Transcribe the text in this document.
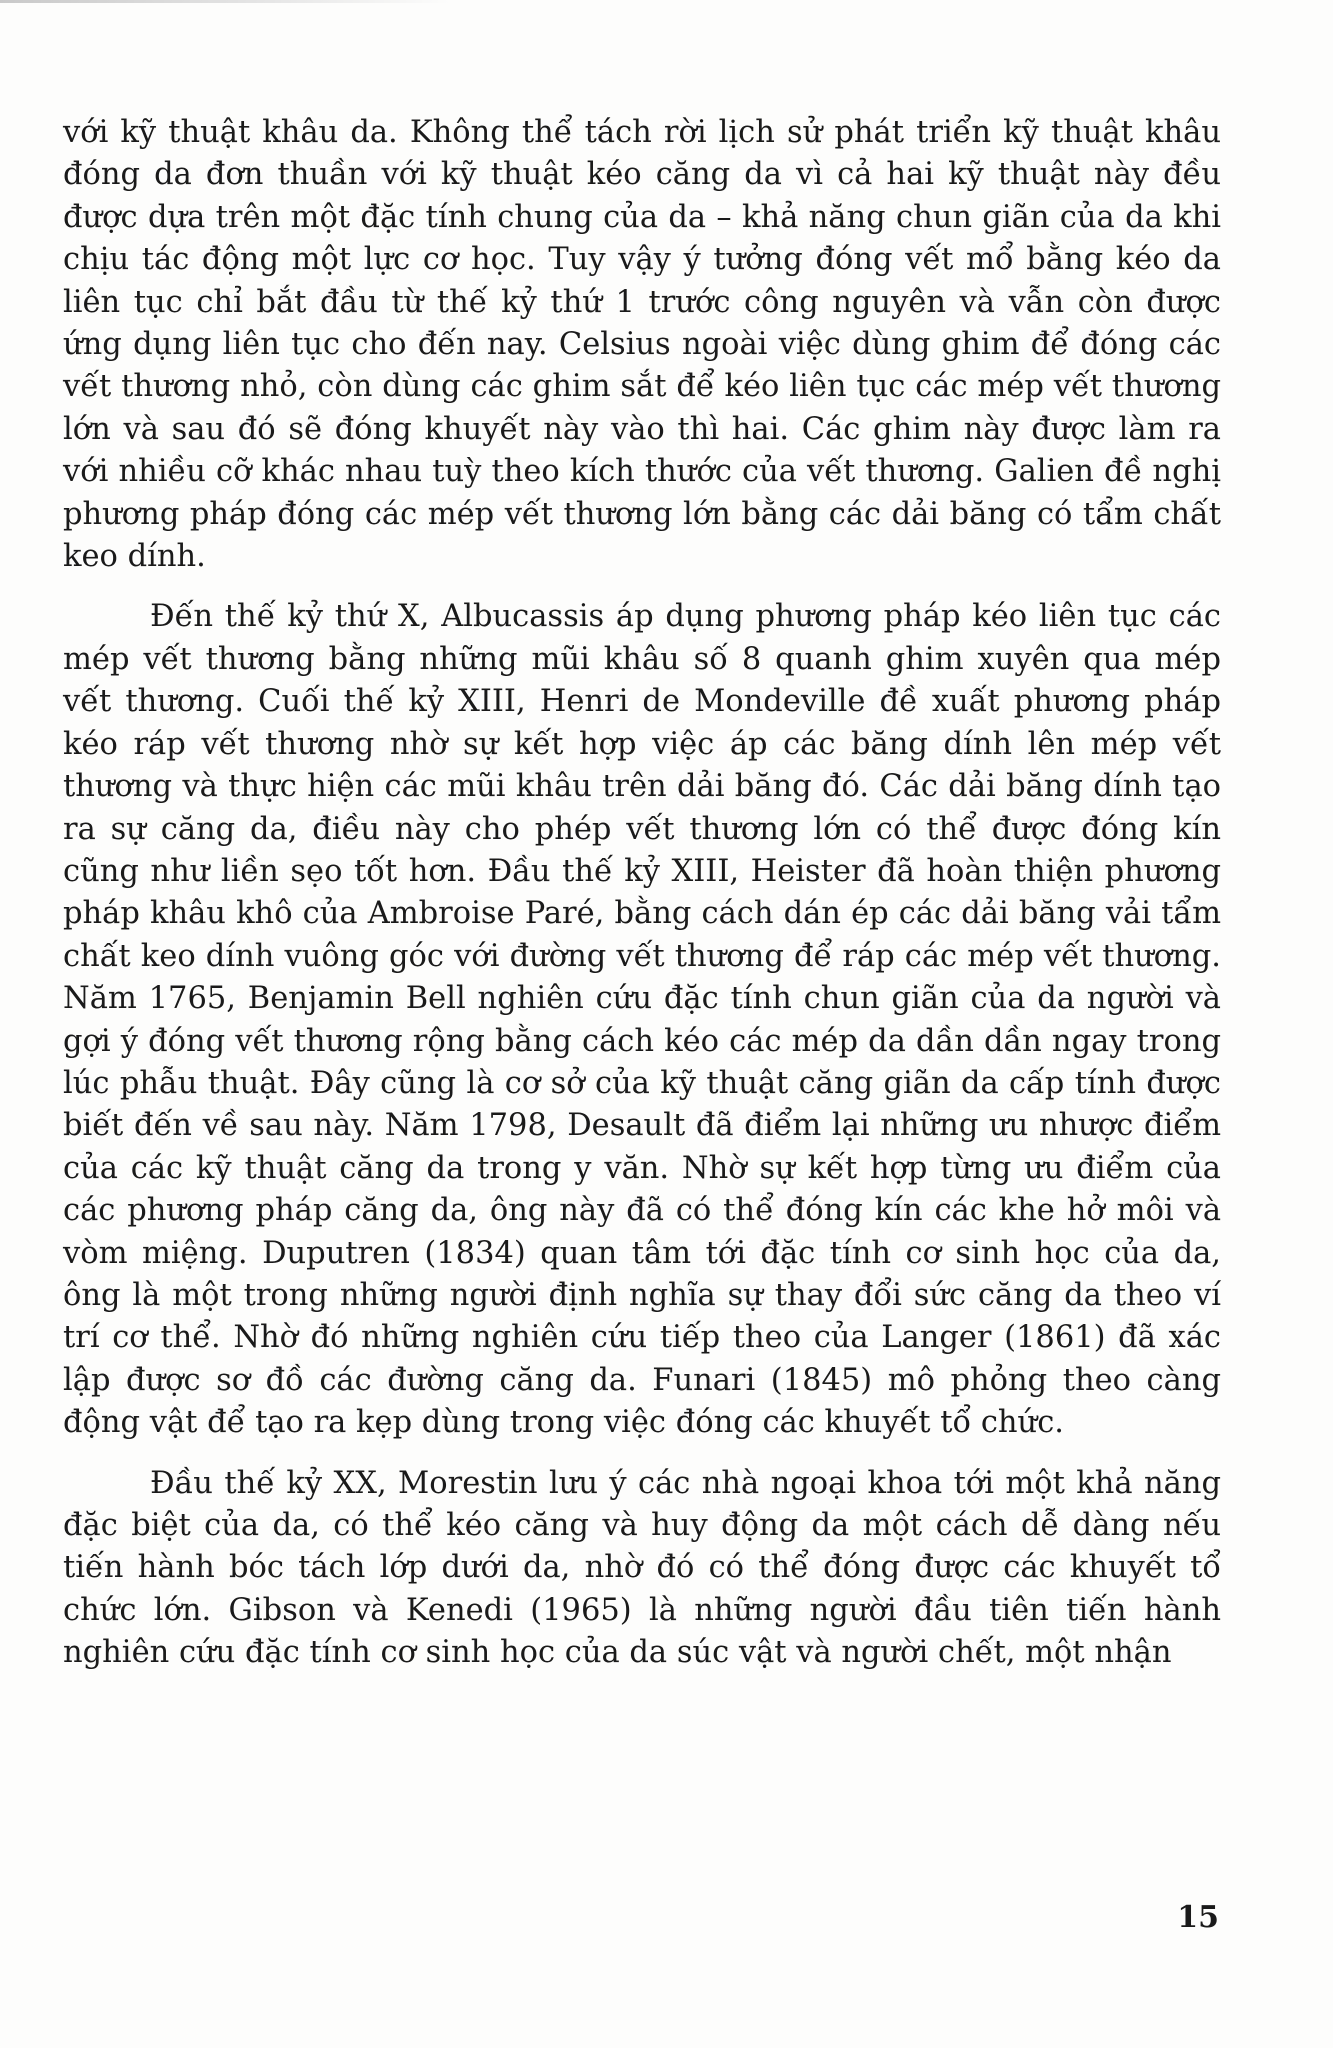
với kỹ thuật khâu da. Không thể tách rời lịch sử phát triển kỹ thuật khâu đóng da đơn thuần với kỹ thuật kéo căng da vì cả hai kỹ thuật này đều được dựa trên một đặc tính chung của da – khả năng chun giãn của da khi chịu tác động một lực cơ học. Tuy vậy ý tưởng đóng vết mổ bằng kéo da liên tục chỉ bắt đầu từ thế kỷ thứ 1 trước công nguyên và vẫn còn được ứng dụng liên tục cho đến nay. Celsius ngoài việc dùng ghim để đóng các vết thương nhỏ, còn dùng các ghim sắt để kéo liên tục các mép vết thương lớn và sau đó sẽ đóng khuyết này vào thì hai. Các ghim này được làm ra với nhiều cỡ khác nhau tuỳ theo kích thước của vết thương. Galien đề nghị phương pháp đóng các mép vết thương lớn bằng các dải băng có tẩm chất keo dính.

Đến thế kỷ thứ X, Albucassis áp dụng phương pháp kéo liên tục các mép vết thương bằng những mũi khâu số 8 quanh ghim xuyên qua mép vết thương. Cuối thế kỷ XIII, Henri de Mondeville đề xuất phương pháp kéo ráp vết thương nhờ sự kết hợp việc áp các băng dính lên mép vết thương và thực hiện các mũi khâu trên dải băng đó. Các dải băng dính tạo ra sự căng da, điều này cho phép vết thương lớn có thể được đóng kín cũng như liền sẹo tốt hơn. Đầu thế kỷ XIII, Heister đã hoàn thiện phương pháp khâu khô của Ambroise Paré, bằng cách dán ép các dải băng vải tẩm chất keo dính vuông góc với đường vết thương để ráp các mép vết thương. Năm 1765, Benjamin Bell nghiên cứu đặc tính chun giãn của da người và gợi ý đóng vết thương rộng bằng cách kéo các mép da dần dần ngay trong lúc phẫu thuật. Đây cũng là cơ sở của kỹ thuật căng giãn da cấp tính được biết đến về sau này. Năm 1798, Desault đã điểm lại những ưu nhược điểm của các kỹ thuật căng da trong y văn. Nhờ sự kết hợp từng ưu điểm của các phương pháp căng da, ông này đã có thể đóng kín các khe hở môi và vòm miệng. Duputren (1834) quan tâm tới đặc tính cơ sinh học của da, ông là một trong những người định nghĩa sự thay đổi sức căng da theo ví trí cơ thể. Nhờ đó những nghiên cứu tiếp theo của Langer (1861) đã xác lập được sơ đồ các đường căng da. Funari (1845) mô phỏng theo càng động vật để tạo ra kẹp dùng trong việc đóng các khuyết tổ chức.

Đầu thế kỷ XX, Morestin lưu ý các nhà ngoại khoa tới một khả năng đặc biệt của da, có thể kéo căng và huy động da một cách dễ dàng nếu tiến hành bóc tách lớp dưới da, nhờ đó có thể đóng được các khuyết tổ chức lớn. Gibson và Kenedi (1965) là những người đầu tiên tiến hành nghiên cứu đặc tính cơ sinh học của da súc vật và người chết, một nhận

15
